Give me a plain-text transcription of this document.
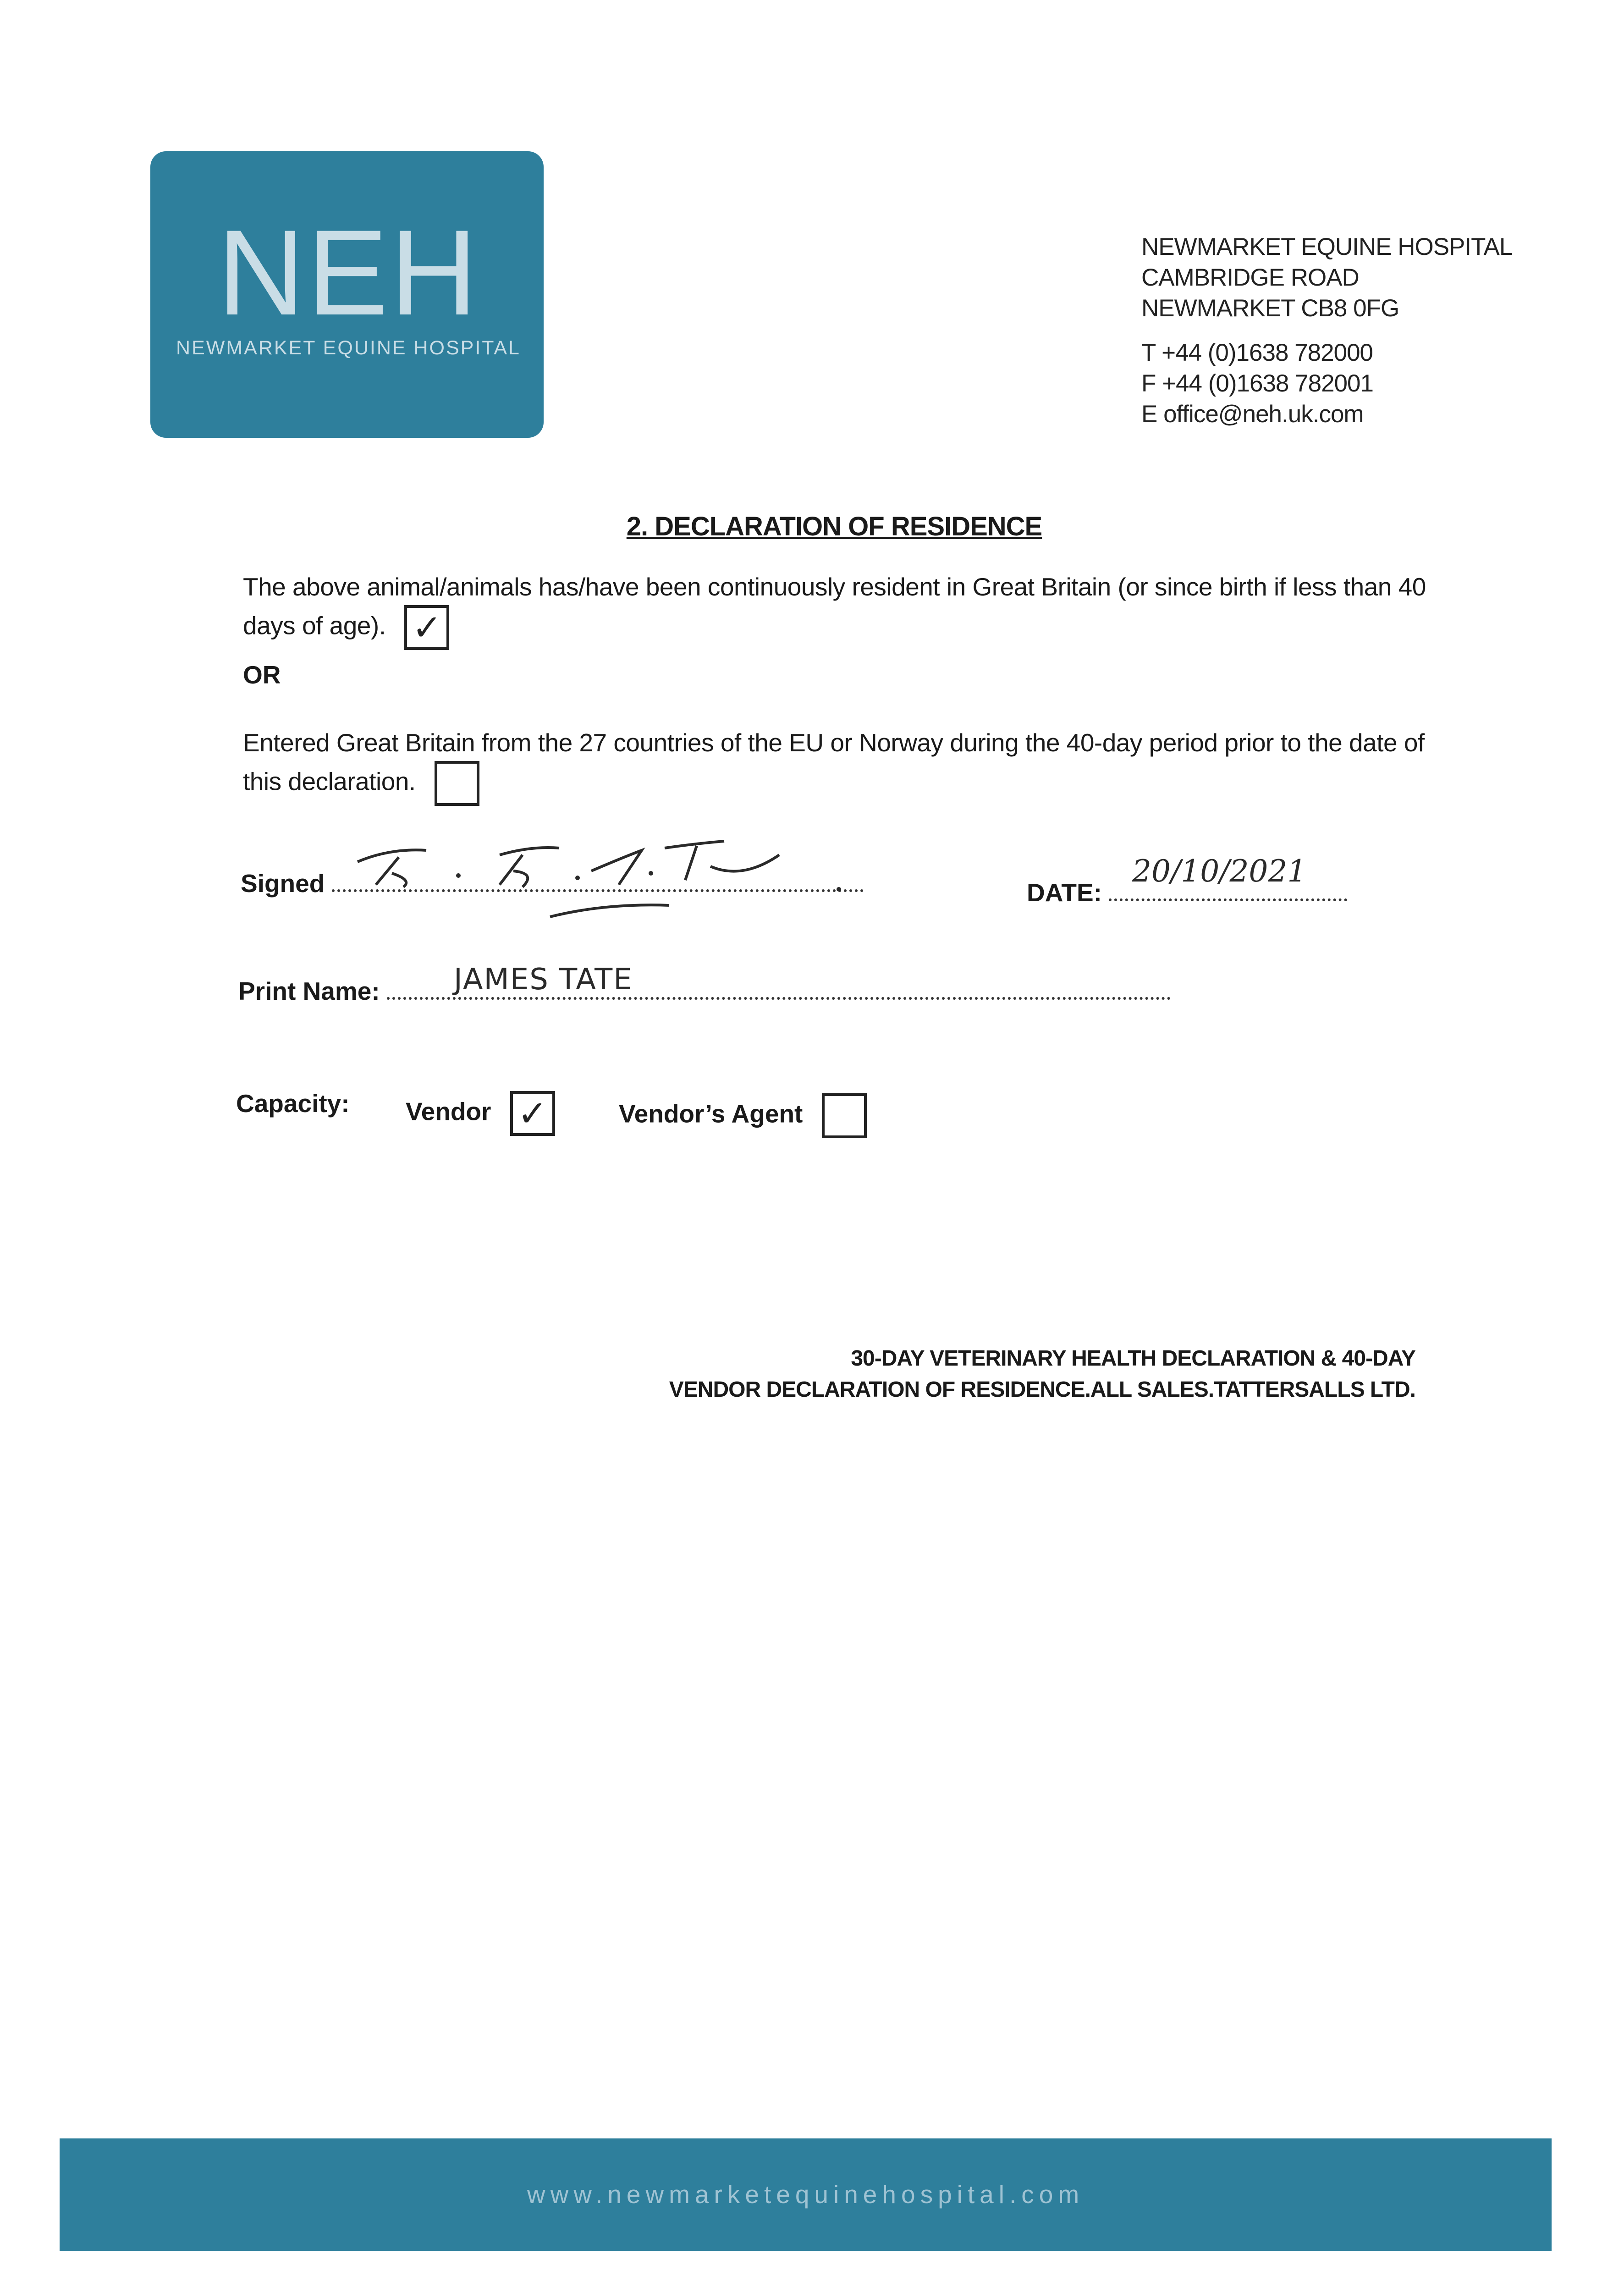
NEH
NEWMARKET EQUINE HOSPITAL
NEWMARKET EQUINE HOSPITAL
CAMBRIDGE ROAD
NEWMARKET CB8 0FG
T +44 (0)1638 782000
F +44 (0)1638 782001
E office@neh.uk.com
2. DECLARATION OF RESIDENCE
The above animal/animals has/have been continuously resident in Great Britain (or since birth if less than 40 days of age). ✓
OR
Entered Great Britain from the 27 countries of the EU or Norway during the 40-day period prior to the date of this declaration.
Signed	DATE:
20/10/2021
Print Name:	JAMES TATE
Capacity: Vendor ✓	Vendor’s Agent
30-DAY VETERINARY HEALTH DECLARATION & 40-DAY
VENDOR DECLARATION OF RESIDENCE.ALL SALES.TATTERSALLS LTD.
www.newmarketequinehospital.com
